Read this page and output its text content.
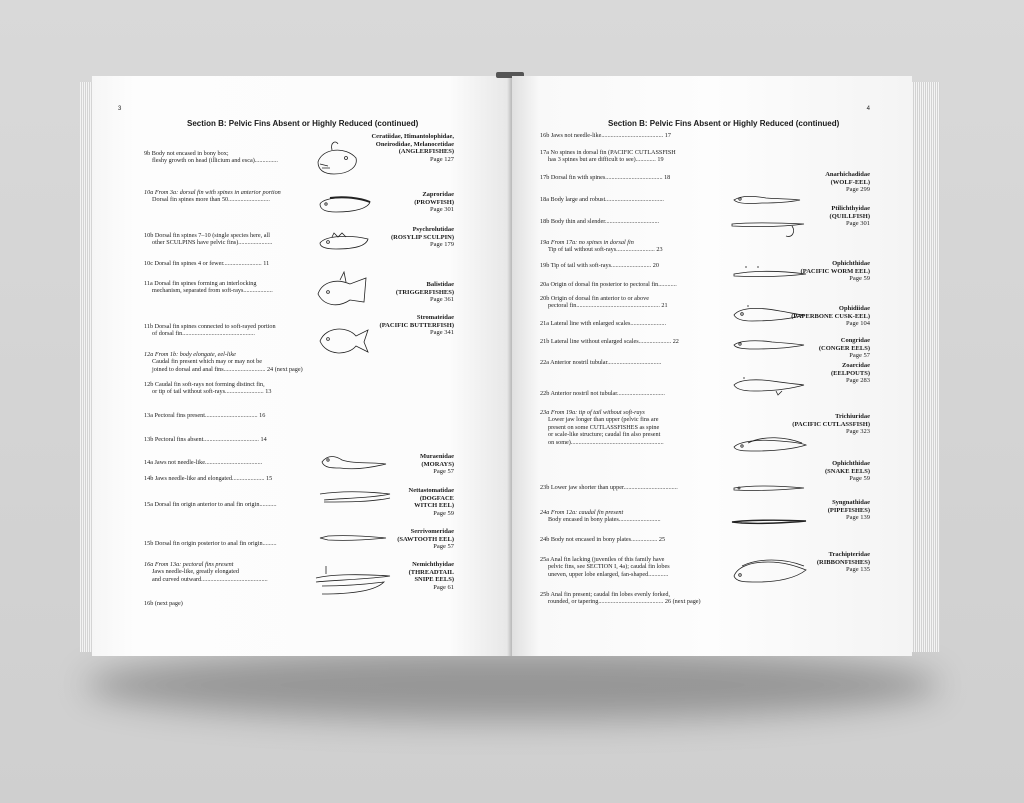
3
Section B: Pelvic Fins Absent or Highly Reduced (continued)
9b Body not encased in bony box;
fleshy growth on head (illicium and esca)...............
10a From 3a: dorsal fin with spines in anterior portion
Dorsal fin spines more than 50...........................
10b Dorsal fin spines 7–10 (single species here, all
other SCULPINS have pelvic fins)......................
10c Dorsal fin spines 4 or fewer......................... 11
11a Dorsal fin spines forming an interlocking
mechanism, separated from soft-rays...................
11b Dorsal fin spines connected to soft-rayed portion
of dorsal fin...............................................
12a From 1b: body elongate, eel-like
Caudal fin present which may or may not be
joined to dorsal and anal fins........................... 24 (next page)
12b Caudal fin soft-rays not forming distinct fin,
or tip of tail without soft-rays......................... 13
13a Pectoral fins present.................................. 16
13b Pectoral fins absent.................................... 14
14a Jaws not needle-like.....................................
14b Jaws needle-like and elongated..................... 15
15a Dorsal fin origin anterior to anal fin origin...........
15b Dorsal fin origin posterior to anal fin origin.........
16a From 13a: pectoral fins present
Jaws needle-like, greatly elongated
and curved outward...........................................
16b (next page)
Ceratiidae, Himantolophidae,
Oneirodidae, Melanocetidae
(ANGLERFISHES)
Page 127
Zaproridae
(PROWFISH)
Page 301
Psychrolutidae
(ROSYLIP SCULPIN)
Page 179
Balistidae
(TRIGGERFISHES)
Page 361
Stromateidae
(PACIFIC BUTTERFISH)
Page 341
Muraenidae
(MORAYS)
Page 57
Nettastomatidae
(DOGFACE
WITCH EEL)
Page 59
Serrivomeridae
(SAWTOOTH EEL)
Page 57
Nemichthyidae
(THREADTAIL
SNIPE EELS)
Page 61
4
Section B: Pelvic Fins Absent or Highly Reduced (continued)
16b Jaws not needle-like........................................ 17
17a No spines in dorsal fin (PACIFIC CUTLASSFISH
has 3 spines but are difficult to see)............. 19
17b Dorsal fin with spines..................................... 18
18a Body large and robust......................................
18b Body thin and slender...................................
19a From 17a: no spines in dorsal fin
Tip of tail without soft-rays......................... 23
19b Tip of tail with soft-rays.......................... 20
20a Origin of dorsal fin posterior to pectoral fin............
20b Origin of dorsal fin anterior to or above
pectoral fin...................................................... 21
21a Lateral line with enlarged scales.......................
21b Lateral line without enlarged scales..................... 22
22a Anterior nostril tubular...................................
22b Anterior nostril not tubular...............................
23a From 19a: tip of tail without soft-rays
Lower jaw longer than upper (pelvic fins are
present on some CUTLASSFISHES as spine
or scale-like structure; caudal fin also present
on some)............................................................
23b Lower jaw shorter than upper...................................
24a From 12a: caudal fin present
Body encased in bony plates...........................
24b Body not encased in bony plates................. 25
25a Anal fin lacking (juveniles of this family have
pelvic fins, see SECTION I, 4a); caudal fin lobes
uneven, upper lobe enlarged, fan-shaped.............
25b Anal fin present; caudal fin lobes evenly forked,
rounded, or tapering.......................................... 26 (next page)
Anarhichadidae
(WOLF-EEL)
Page 299
Ptilichthyidae
(QUILLFISH)
Page 301
Ophichthidae
(PACIFIC WORM EEL)
Page 59
Ophidiidae
(PAPERBONE CUSK-EEL)
Page 104
Congridae
(CONGER EELS)
Page 57
Zoarcidae
(EELPOUTS)
Page 283
Trichiuridae
(PACIFIC CUTLASSFISH)
Page 323
Ophichthidae
(SNAKE EELS)
Page 59
Syngnathidae
(PIPEFISHES)
Page 139
Trachipteridae
(RIBBONFISHES)
Page 135
